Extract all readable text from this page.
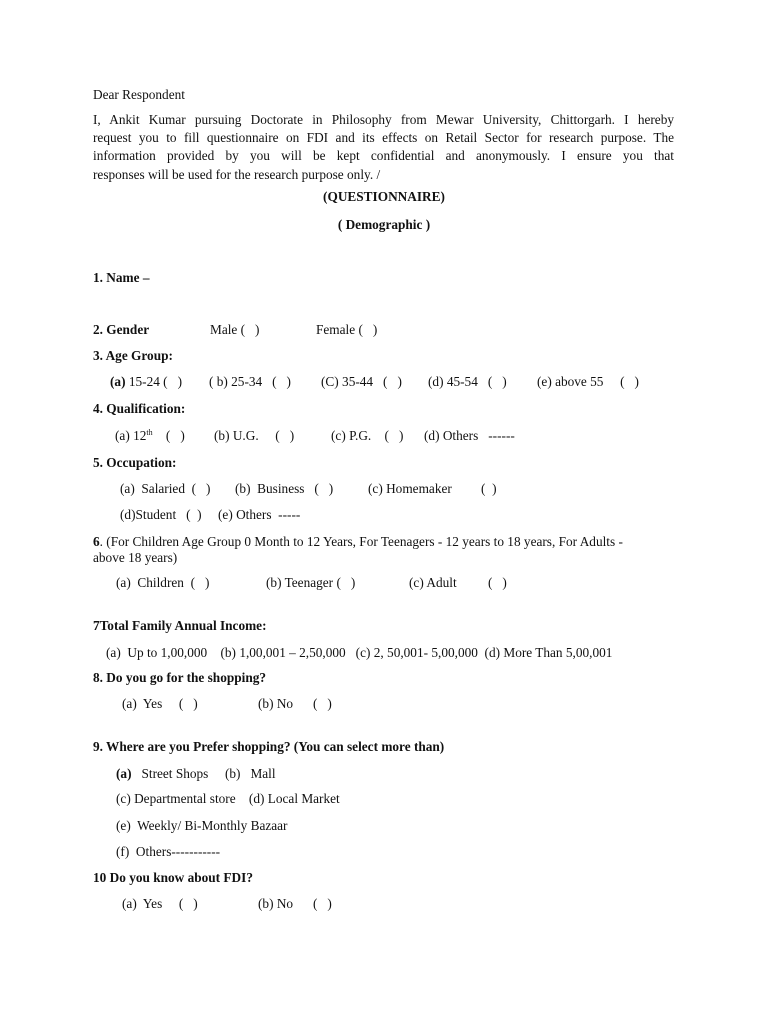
Dear Respondent

I, Ankit Kumar pursuing Doctorate in Philosophy from Mewar University, Chittorgarh. I hereby
request you to fill questionnaire on FDI and its effects on Retail Sector for research purpose. The
information provided by you will be kept confidential and anonymously. I ensure you that
responses will be used for the research purpose only. /

(QUESTIONNAIRE)
( Demographic )
1. Name –
2. Gender	Male (   )	Female (   )
3. Age Group:
(a) 15-24 (   ) ( b) 25-34   (   ) (C) 35-44   (   ) (d) 45-54   (   ) (e) above 55     (   )
4. Qualification:
(a) 12th    (   ) (b) U.G.     (   )	(c) P.G.    (   ) (d) Others   ------
5. Occupation:
(a)  Salaried  (   ) (b)  Business   (   )	(c) Homemaker (  )
(d)Student   (  ) (e) Others  -----
6. (For Children Age Group 0 Month to 12 Years, For Teenagers - 12 years to 18 years, For Adults -
above 18 years)
(a)  Children  (   )	(b) Teenager (   )	(c) Adult (   )
7Total Family Annual Income:
(a)  Up to 1,00,000    (b) 1,00,001 – 2,50,000   (c) 2, 50,001- 5,00,000  (d) More Than 5,00,001
8. Do you go for the shopping?
(a)  Yes     (   )	(b) No      (   )
9. Where are you Prefer shopping? (You can select more than)
(a)   Street Shops     (b)   Mall
(c) Departmental store    (d) Local Market
(e)  Weekly/ Bi-Monthly Bazaar
(f)  Others-----------
10 Do you know about FDI?
(a)  Yes     (   )	(b) No      (   )
